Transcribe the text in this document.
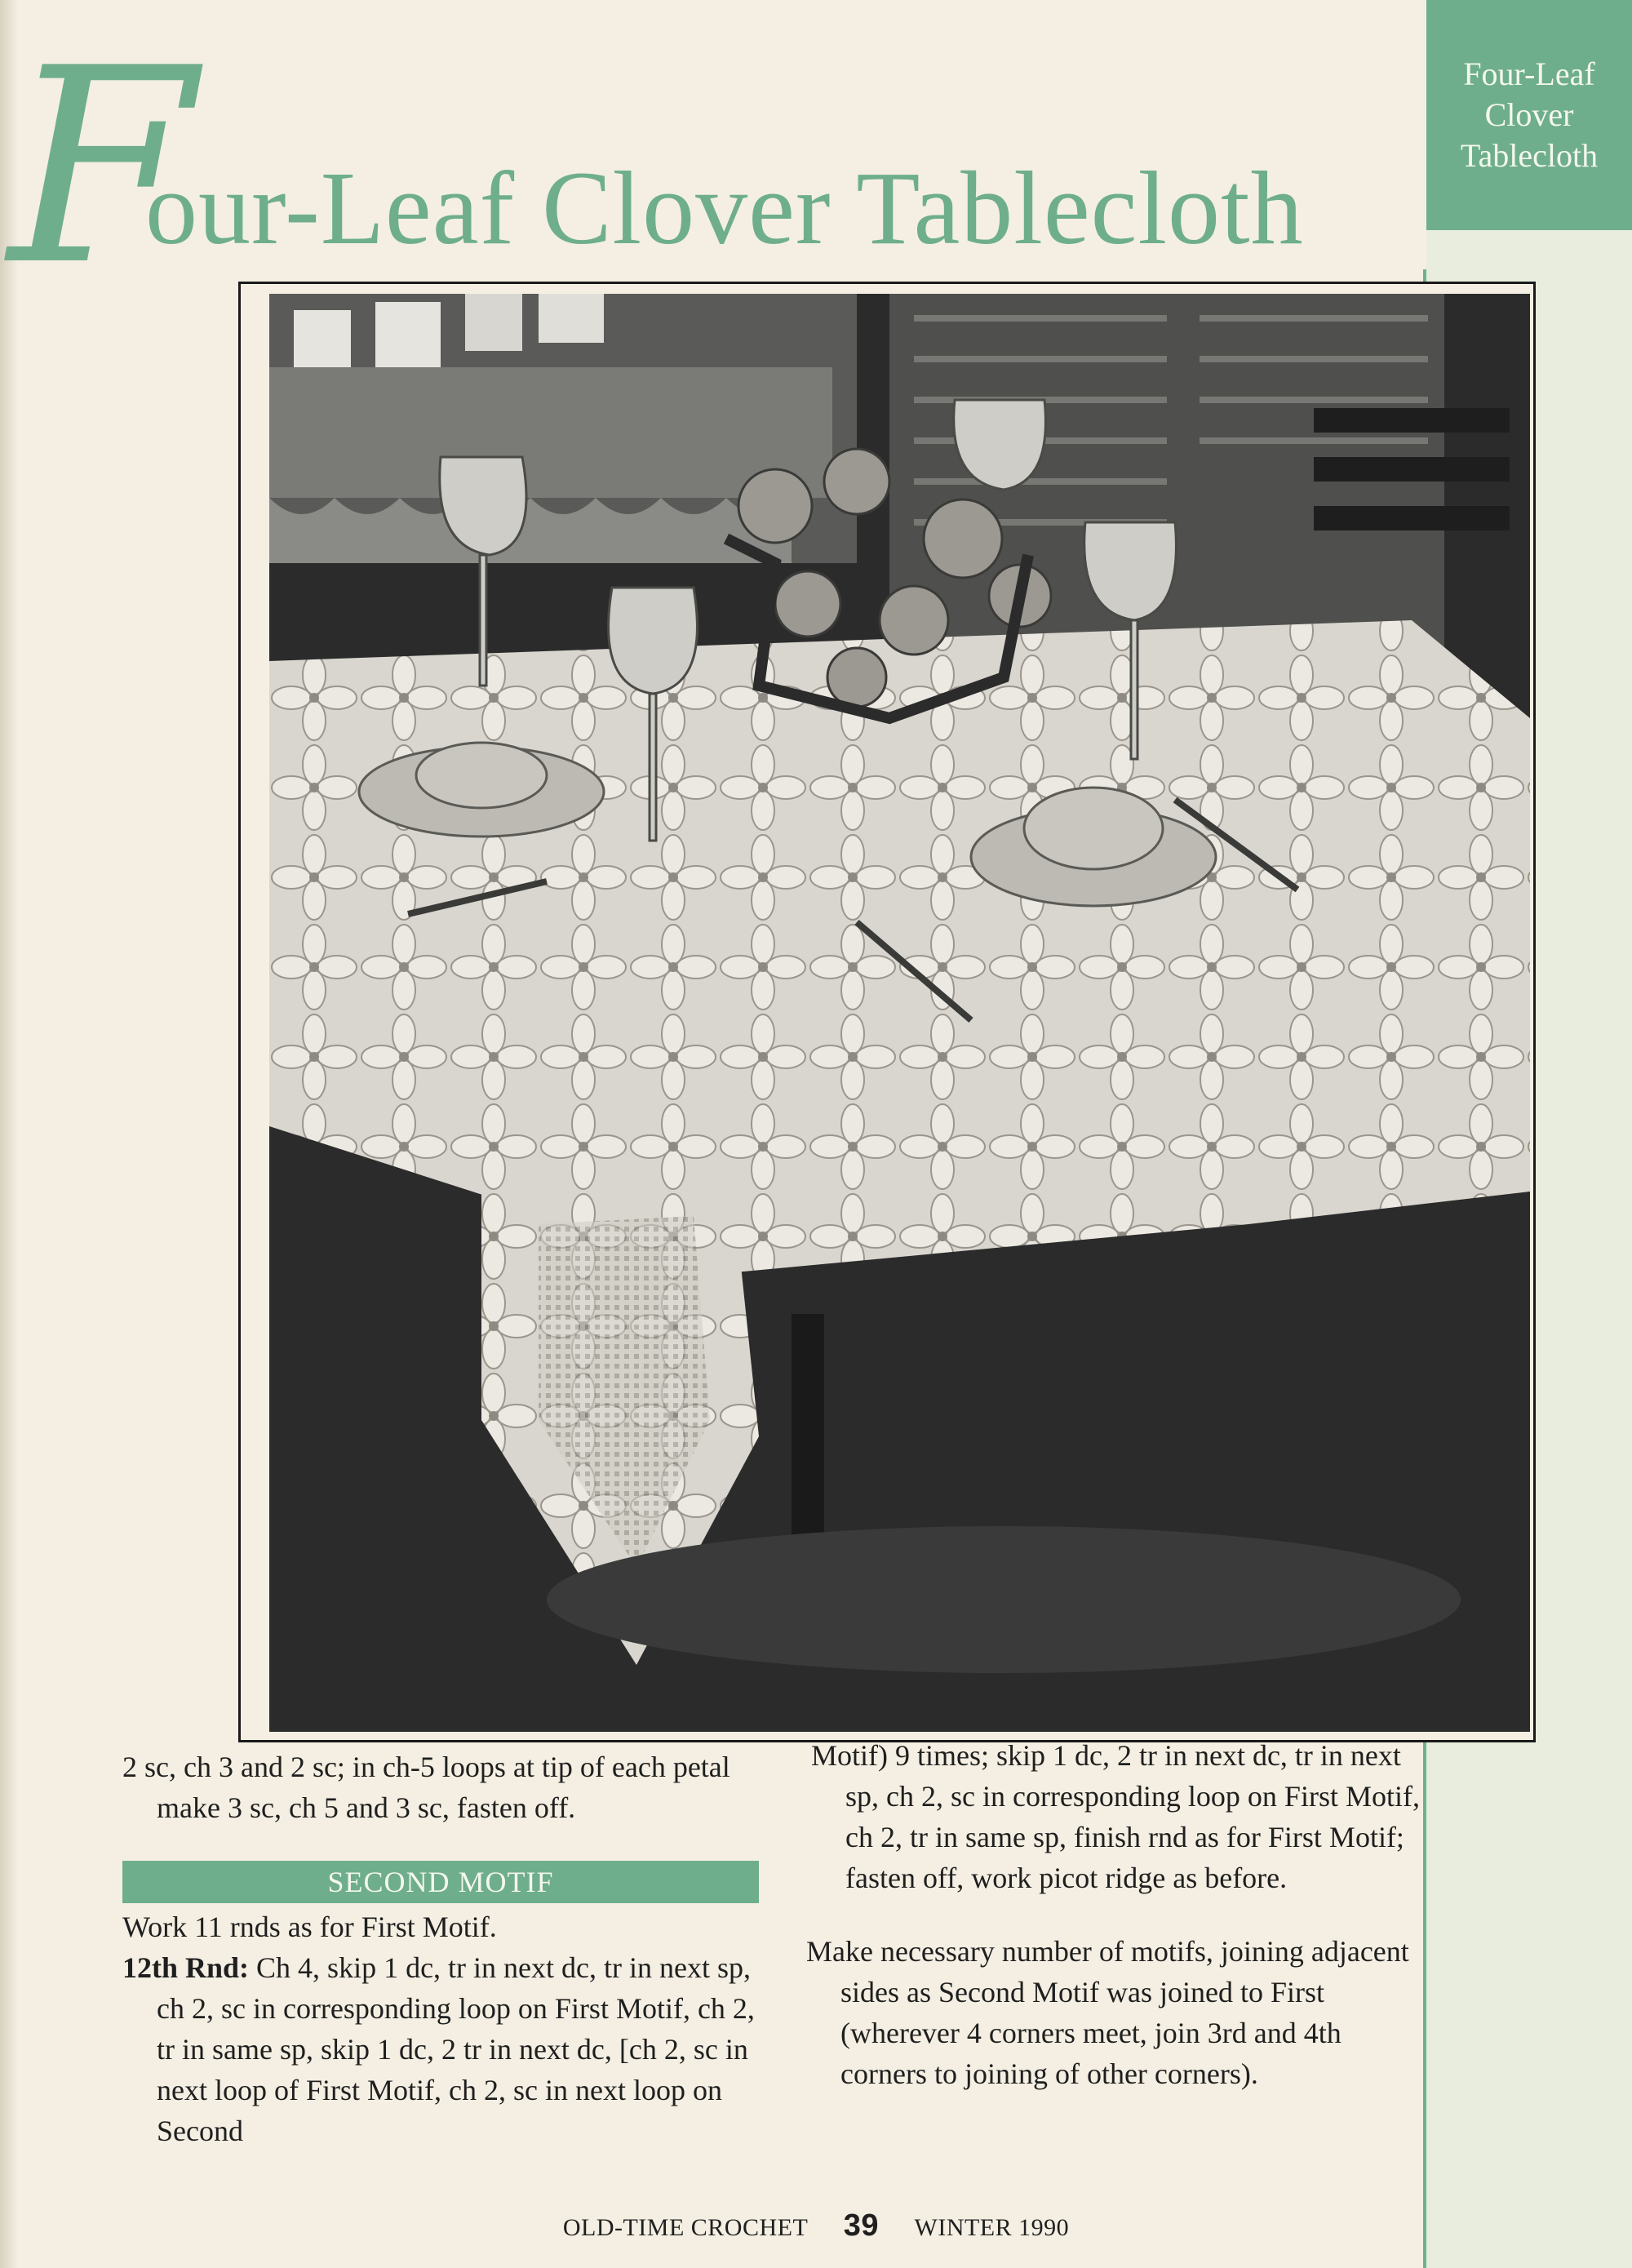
Four-Leaf
Clover
Tablecloth
F
our-Leaf Clover Tablecloth

2 sc, ch 3 and 2 sc; in ch-5 loops at tip of each petal make 3 sc, ch 5 and 3 sc, fasten off.

SECOND MOTIF

Work 11 rnds as for First Motif.

12th Rnd: Ch 4, skip 1 dc, tr in next dc, tr in next sp, ch 2, sc in corresponding loop on First Motif, ch 2, tr in same sp, skip 1 dc, 2 tr in next dc, [ch 2, sc in next loop of First Motif, ch 2, sc in next loop on Second

Motif) 9 times; skip 1 dc, 2 tr in next dc, tr in next sp, ch 2, sc in corresponding loop on First Motif, ch 2, tr in same sp, finish rnd as for First Motif; fasten off, work picot ridge as before.

Make necessary number of motifs, joining adjacent sides as Second Motif was joined to First (wherever 4 corners meet, join 3rd and 4th corners to joining of other corners).

OLD-TIME CROCHET 39 WINTER 1990
